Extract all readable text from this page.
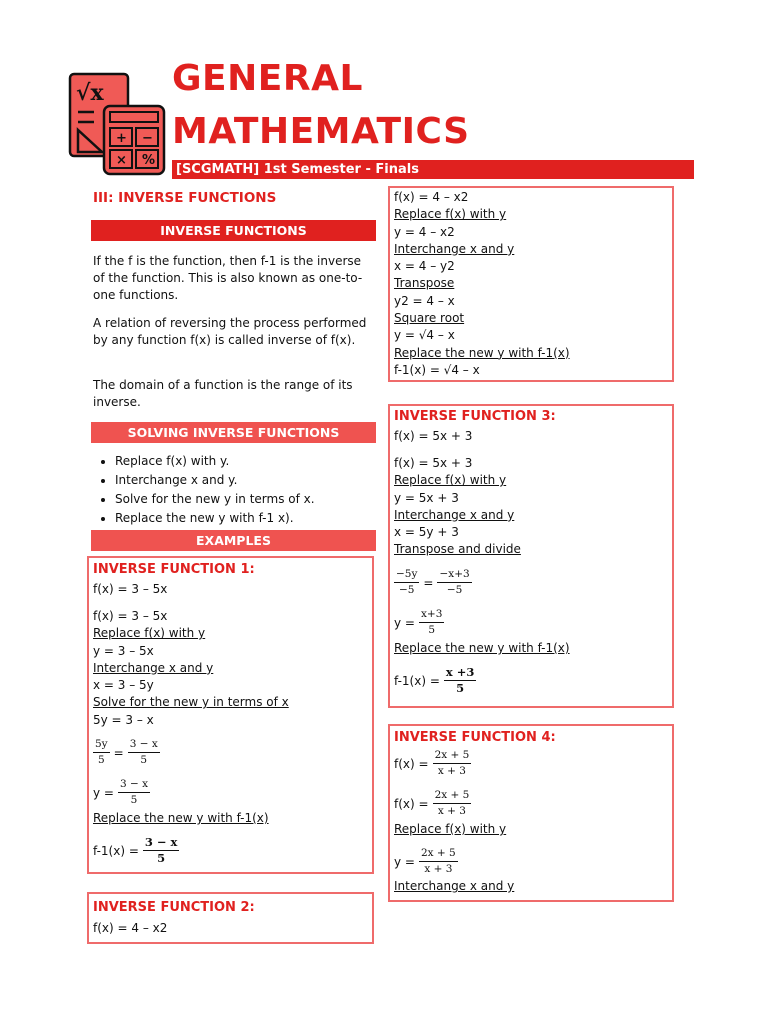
√x
+ −
× %
GENERAL
MATHEMATICS
[SCGMATH] 1st Semester - Finals
III: INVERSE FUNCTIONS
INVERSE FUNCTIONS
If the f is the function, then f-1 is the inverse of the function. This is also known as one-to-one functions.
A relation of reversing the process performed by any function f(x) is called inverse of f(x).
The domain of a function is the range of its inverse.
SOLVING INVERSE FUNCTIONS
• Replace f(x) with y.
• Interchange x and y.
• Solve for the new y in terms of x.
• Replace the new y with f-1 x).
EXAMPLES
INVERSE FUNCTION 1:
f(x) = 3 – 5x
f(x) = 3 – 5x
Replace f(x) with y
y = 3 – 5x
Interchange x and y
x = 3 – 5y
Solve for the new y in terms of x
5y = 3 – x
$\frac{5y}{5} = \frac{3 - x}{5}$
$y = \frac{3 - x}{5}$
Replace the new y with f-1(x)
$f-1(x) = \frac{3 - x}{5}$
INVERSE FUNCTION 2:
f(x) = 4 – x2
f(x) = 4 – x2
Replace f(x) with y
y = 4 – x2
Interchange x and y
x = 4 – y2
Transpose
y2 = 4 – x
Square root
y = √4 – x
Replace the new y with f-1(x)
f-1(x) = √4 – x
INVERSE FUNCTION 3:
f(x) = 5x + 3
f(x) = 5x + 3
Replace f(x) with y
y = 5x + 3
Interchange x and y
x = 5y + 3
Transpose and divide
$\frac{-5y}{-5} = \frac{-x+3}{-5}$
$y = \frac{x+3}{5}$
Replace the new y with f-1(x)
$f-1(x) = \frac{x +3}{5}$
INVERSE FUNCTION 4:
$f(x) = \frac{2x + 5}{x + 3}$
$f(x) = \frac{2x + 5}{x + 3}$
Replace f(x) with y
$y = \frac{2x + 5}{x + 3}$
Interchange x and y
